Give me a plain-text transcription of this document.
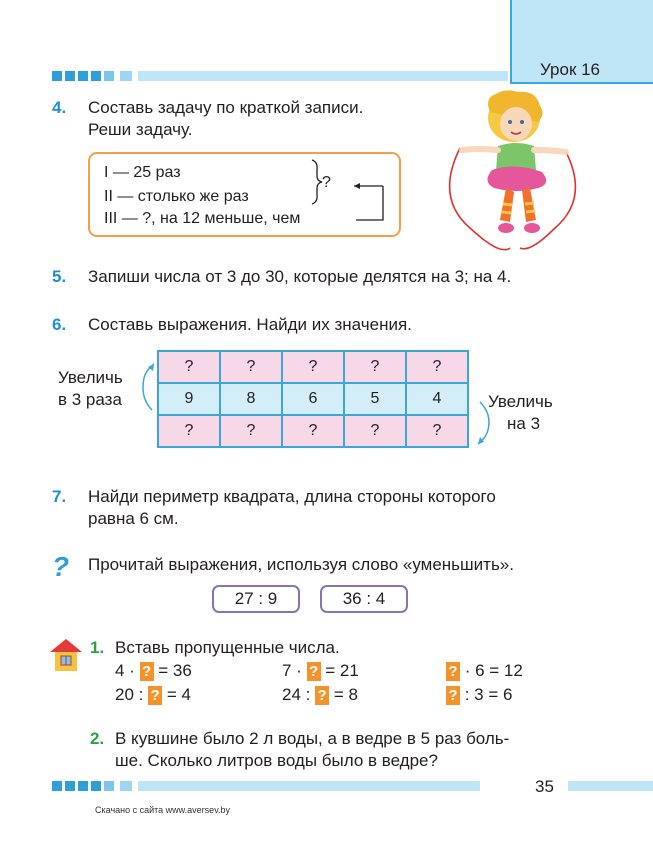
Урок 16
4. Составь задачу по краткой записи.
Реши задачу.
I — 25 раз
II — столько же раз
III — ?, на 12 меньше, чем
?
5. Запиши числа от 3 до 30, которые делятся на 3; на 4.
6. Составь выражения. Найди их значения.
Увеличь
в 3 раза	Увеличь
на 3
?	?	?	?	?
9	8	6	5	4
?	?	?	?	?
7. Найди периметр квадрата, длина стороны которого
равна 6 см.
? Прочитай выражения, используя слово «уменьшить».
27 : 9	36 : 4
1. Вставь пропущенные числа.
4 · ? = 36	7 · ? = 21	? · 6 = 12
20 : ? = 4	24 : ? = 8	? : 3 = 6
2. В кувшине было 2 л воды, а в ведре в 5 раз боль-
ше. Сколько литров воды было в ведре?
35
Скачано с сайта www.aversev.by
